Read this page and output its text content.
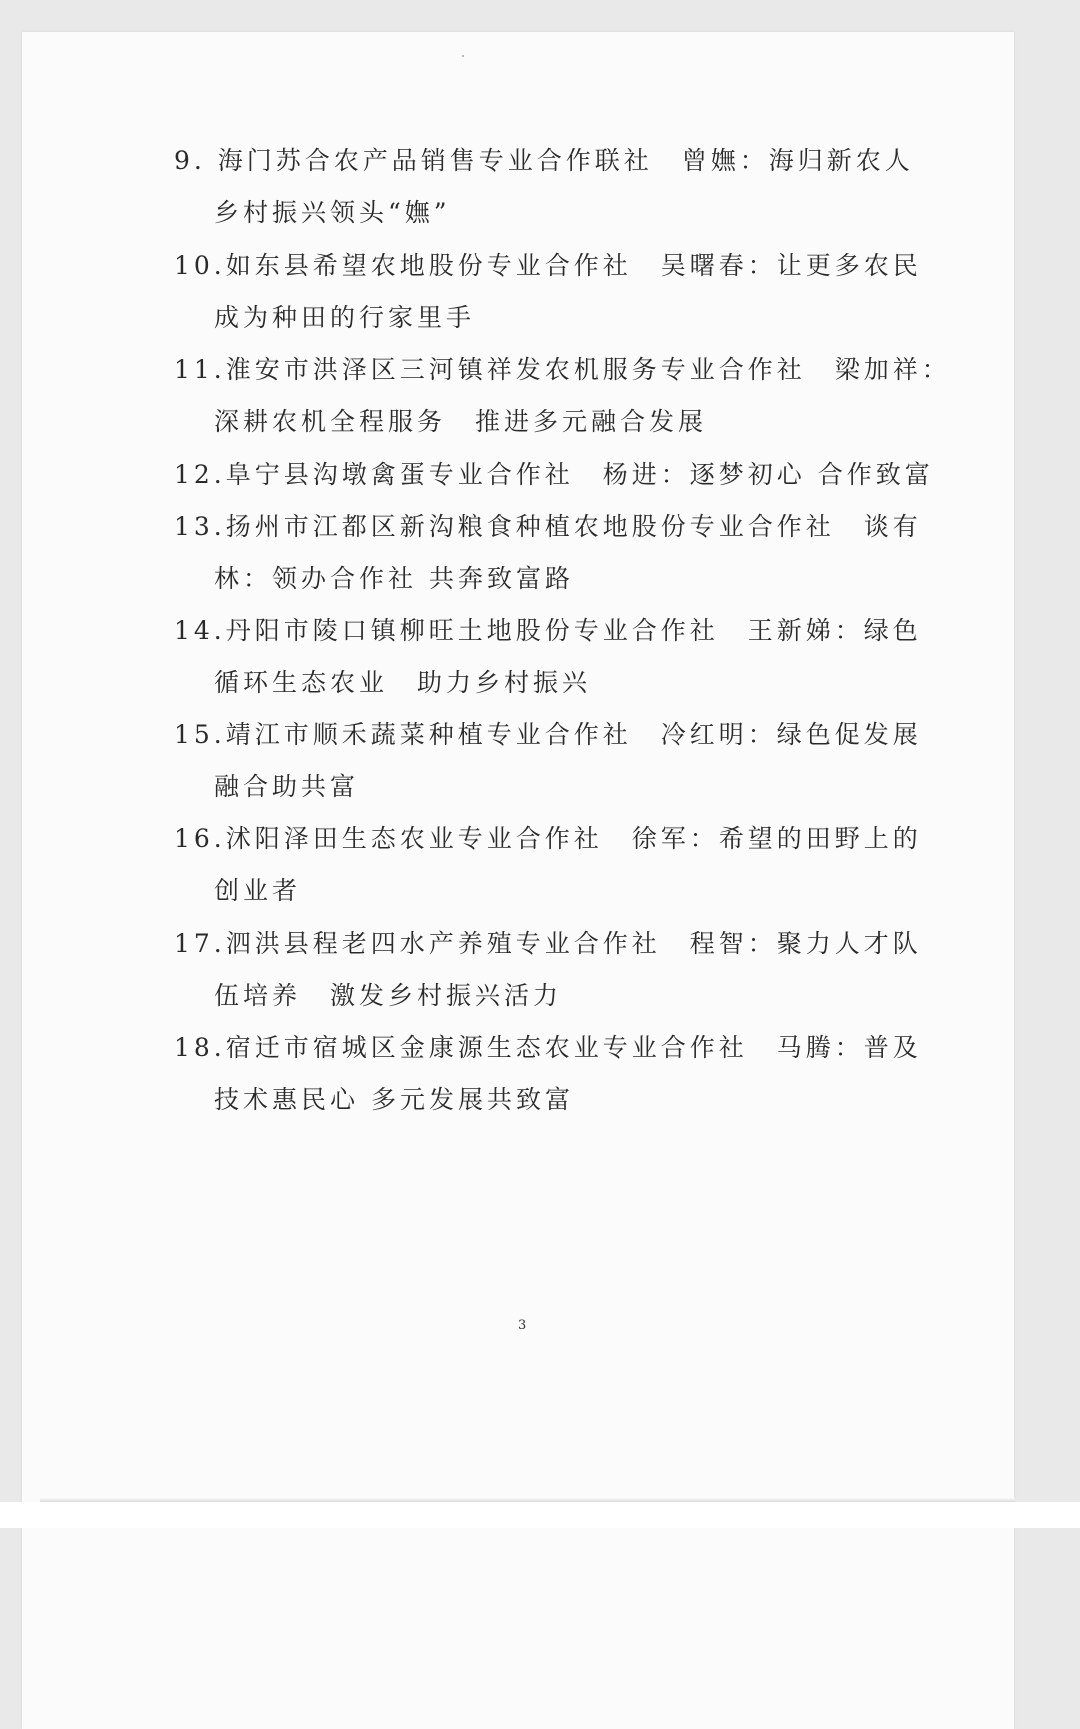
9. 海门苏合农产品销售专业合作联社　曾嫵：海归新农人
乡村振兴领头“嫵”
10.如东县希望农地股份专业合作社　吴曙春：让更多农民
成为种田的行家里手
11.淮安市洪泽区三河镇祥发农机服务专业合作社　梁加祥：
深耕农机全程服务　推进多元融合发展
12.阜宁县沟墩禽蛋专业合作社　杨进：逐梦初心 合作致富
13.扬州市江都区新沟粮食种植农地股份专业合作社　谈有
林：领办合作社 共奔致富路
14.丹阳市陵口镇柳旺土地股份专业合作社　王新娣：绿色
循环生态农业　助力乡村振兴
15.靖江市顺禾蔬菜种植专业合作社　冷红明：绿色促发展
融合助共富
16.沭阳泽田生态农业专业合作社　徐军：希望的田野上的
创业者
17.泗洪县程老四水产养殖专业合作社　程智：聚力人才队
伍培养　激发乡村振兴活力
18.宿迁市宿城区金康源生态农业专业合作社　马腾：普及
技术惠民心 多元发展共致富
3
